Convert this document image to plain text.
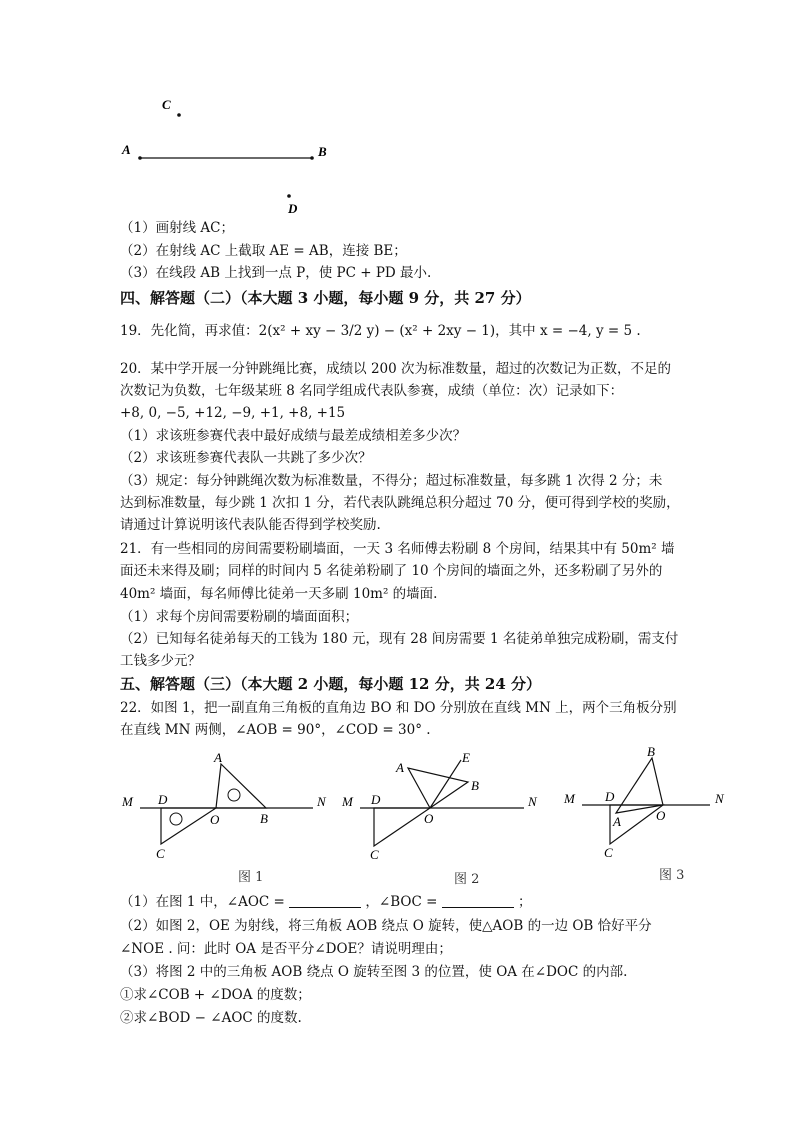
C
A	B
D
（1）画射线 AC；
（2）在射线 AC 上截取 AE = AB，连接 BE；
（3）在线段 AB 上找到一点 P，使 PC + PD 最小.
四、解答题（二）（本大题 3 小题，每小题 9 分，共 27 分）
19．先化简，再求值：2(x² + xy − 3/2 y) − (x² + 2xy − 1)，其中 x = −4, y = 5 .
20．某中学开展一分钟跳绳比赛，成绩以 200 次为标准数量，超过的次数记为正数，不足的
次数记为负数，七年级某班 8 名同学组成代表队参赛，成绩（单位：次）记录如下：
+8, 0, −5, +12, −9, +1, +8, +15
（1）求该班参赛代表中最好成绩与最差成绩相差多少次？
（2）求该班参赛代表队一共跳了多少次？
（3）规定：每分钟跳绳次数为标准数量，不得分；超过标准数量，每多跳 1 次得 2 分；未
达到标准数量，每少跳 1 次扣 1 分，若代表队跳绳总积分超过 70 分，便可得到学校的奖励，
请通过计算说明该代表队能否得到学校奖励.
21．有一些相同的房间需要粉刷墙面，一天 3 名师傅去粉刷 8 个房间，结果其中有 50m² 墙
面还未来得及刷；同样的时间内 5 名徒弟粉刷了 10 个房间的墙面之外，还多粉刷了另外的
40m² 墙面，每名师傅比徒弟一天多刷 10m² 的墙面.
（1）求每个房间需要粉刷的墙面面积；
（2）已知每名徒弟每天的工钱为 180 元，现有 28 间房需要 1 名徒弟单独完成粉刷，需支付
工钱多少元？
五、解答题（三）（本大题 2 小题，每小题 12 分，共 24 分）
22．如图 1，把一副直角三角板的直角边 BO 和 DO 分别放在直线 MN 上，两个三角板分别
在直线 MN 两侧，∠AOB = 90°，∠COD = 30° .
M	N
D
C
A
O	B
图 1
M	N
D
C
E
A
B
O
图 2
M	N
D
C
B
A	O
图 3
（1）在图 1 中，∠AOC =	，∠BOC =	；
（2）如图 2，OE 为射线，将三角板 AOB 绕点 O 旋转，使△AOB 的一边 OB 恰好平分
∠NOE . 问：此时 OA 是否平分∠DOE？请说明理由；
（3）将图 2 中的三角板 AOB 绕点 O 旋转至图 3 的位置，使 OA 在∠DOC 的内部.
①求∠COB + ∠DOA 的度数；
②求∠BOD − ∠AOC 的度数.
